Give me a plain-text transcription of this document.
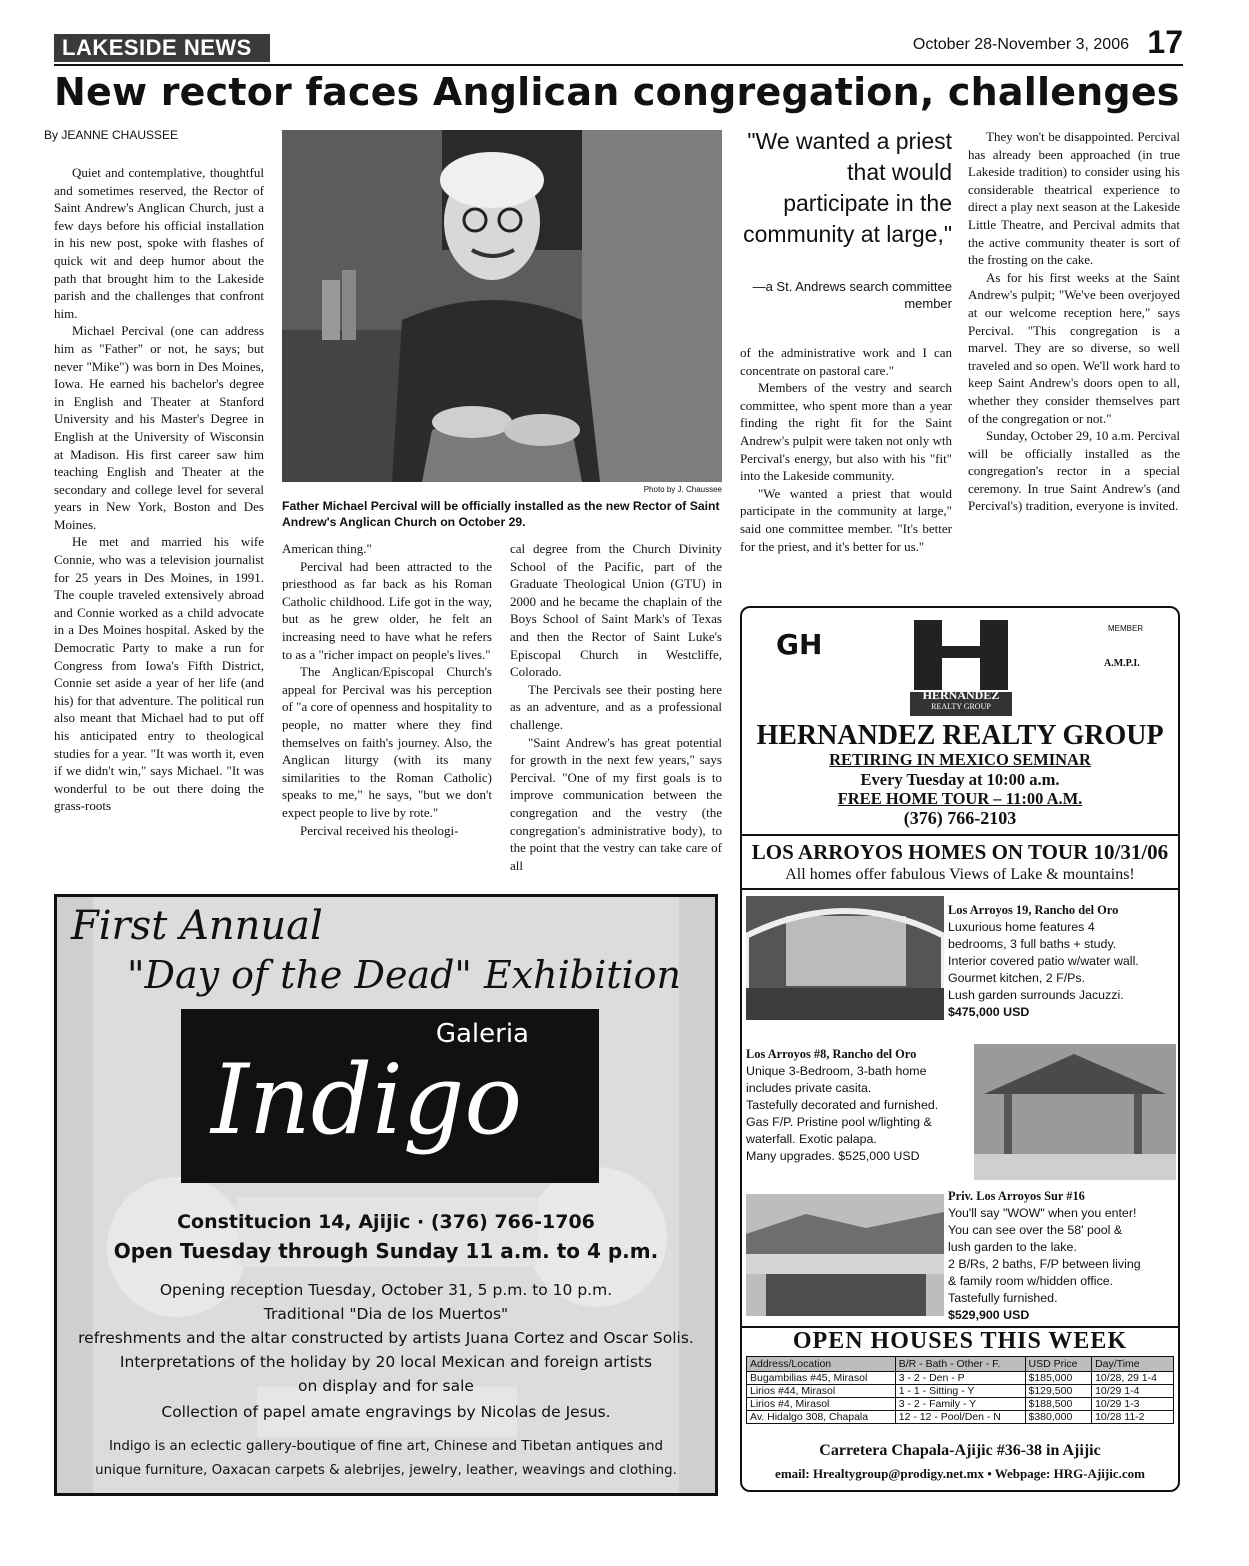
LAKESIDE NEWS	October 28-November 3, 2006 17
New rector faces Anglican congregation, challenges
By JEANNE CHAUSSEE

Quiet and contemplative, thoughtful and sometimes reserved, the Rector of Saint Andrew's Anglican Church, just a few days before his official installation in his new post, spoke with flashes of quick wit and deep humor about the path that brought him to the Lakeside parish and the challenges that confront him.

Michael Percival (one can address him as "Father" or not, he says; but never "Mike") was born in Des Moines, Iowa. He earned his bachelor's degree in English and Theater at Stanford University and his Master's Degree in English at the University of Wisconsin at Madison. His first career saw him teaching English and Theater at the secondary and college level for several years in New York, Boston and Des Moines.

He met and married his wife Connie, who was a television journalist for 25 years in Des Moines, in 1991. The couple traveled extensively abroad and Connie worked as a child advocate in a Des Moines hospital. Asked by the Democratic Party to make a run for Congress from Iowa's Fifth District, Connie set aside a year of her life (and his) for that adventure. The political run also meant that Michael had to put off his anticipated entry to theological studies for a year. "It was worth it, even if we didn't win," says Michael. "It was wonderful to be out there doing the grass-roots

Photo by J. Chaussee
Father Michael Percival will be officially installed as the new Rector of Saint Andrew's Anglican Church on October 29.

American thing."

Percival had been attracted to the priesthood as far back as his Roman Catholic childhood. Life got in the way, but as he grew older, he felt an increasing need to have what he refers to as a "richer impact on people's lives."

The Anglican/Episcopal Church's appeal for Percival was his perception of "a core of openness and hospitality to people, no matter where they find themselves on faith's journey. Also, the Anglican liturgy (with its many similarities to the Roman Catholic) speaks to me," he says, "but we don't expect people to live by rote."

Percival received his theologi-

cal degree from the Church Divinity School of the Pacific, part of the Graduate Theological Union (GTU) in 2000 and he became the chaplain of the Boys School of Saint Mark's of Texas and then the Rector of Saint Luke's Episcopal Church in Westcliffe, Colorado.

The Percivals see their posting here as an adventure, and as a professional challenge.

"Saint Andrew's has great potential for growth in the next few years," says Percival. "One of my first goals is to improve communication between the congregation and the vestry (the congregation's administrative body), to the point that the vestry can take care of all

"We wanted a priest that would participate in the community at large,"
—a St. Andrews search committee member

of the administrative work and I can concentrate on pastoral care."

Members of the vestry and search committee, who spent more than a year finding the right fit for the Saint Andrew's pulpit were taken not only wth Percival's energy, but also with his "fit" into the Lakeside community.

"We wanted a priest that would participate in the community at large," said one committee member. "It's better for the priest, and it's better for us."

They won't be disappointed. Percival has already been approached (in true Lakeside tradition) to consider using his considerable theatrical experience to direct a play next season at the Lakeside Little Theatre, and Percival admits that the active community theater is sort of the frosting on the cake.

As for his first weeks at the Saint Andrew's pulpit; "We've been overjoyed at our welcome reception here," says Percival. "This congregation is a marvel. They are so diverse, so well traveled and so open. We'll work hard to keep Saint Andrew's doors open to all, whether they consider themselves part of the congregation or not."

Sunday, October 29, 10 a.m. Percival will be officially installed as the congregation's rector in a special ceremony. In true Saint Andrew's (and Percival's) tradition, everyone is invited.

First Annual
"Day of the Dead" Exhibition
Galeria
Indigo
Constitucion 14, Ajijic · (376) 766-1706
Open Tuesday through Sunday 11 a.m. to 4 p.m.
Opening reception Tuesday, October 31, 5 p.m. to 10 p.m.
Traditional "Dia de los Muertos"
refreshments and the altar constructed by artists Juana Cortez and Oscar Solis.
Interpretations of the holiday by 20 local Mexican and foreign artists
on display and for sale
Collection of papel amate engravings by Nicolas de Jesus.
Indigo is an eclectic gallery-boutique of fine art, Chinese and Tibetan antiques and
unique furniture, Oaxacan carpets & alebrijes, jewelry, leather, weavings and clothing.
GH	MEMBER
A.M.P.I.
HERNANDEZ
REALTY GROUP
HERNANDEZ REALTY GROUP
RETIRING IN MEXICO SEMINAR
Every Tuesday at 10:00 a.m.
FREE HOME TOUR – 11:00 A.M.
(376) 766-2103
LOS ARROYOS HOMES ON TOUR 10/31/06
All homes offer fabulous Views of Lake & mountains!
Los Arroyos 19, Rancho del Oro
Luxurious home features 4
bedrooms, 3 full baths + study.
Interior covered patio w/water wall.
Gourmet kitchen, 2 F/Ps.
Lush garden surrounds Jacuzzi.
$475,000 USD
Los Arroyos #8, Rancho del Oro
Unique 3-Bedroom, 3-bath home
includes private casita.
Tastefully decorated and furnished.
Gas F/P. Pristine pool w/lighting &
waterfall. Exotic palapa.
Many upgrades. $525,000 USD
Priv. Los Arroyos Sur #16
You'll say "WOW" when you enter!
You can see over the 58' pool &
lush garden to the lake.
2 B/Rs, 2 baths, F/P between living
& family room w/hidden office.
Tastefully furnished.
$529,900 USD
OPEN HOUSES THIS WEEK
Address/Location	B/R - Bath - Other - F.	USD Price	Day/Time
Bugambilias #45, Mirasol	3 - 2 - Den - P	$185,000	10/28, 29 1-4
Lirios #44, Mirasol	1 - 1 - Sitting - Y	$129,500	10/29 1-4
Lirios #4, Mirasol	3 - 2 - Family - Y	$188,500	10/29 1-3
Av. Hidalgo 308, Chapala	12 - 12 - Pool/Den - N	$380,000	10/28 11-2
Carretera Chapala-Ajijic #36-38 in Ajijic
email: Hrealtygroup@prodigy.net.mx • Webpage: HRG-Ajijic.com
